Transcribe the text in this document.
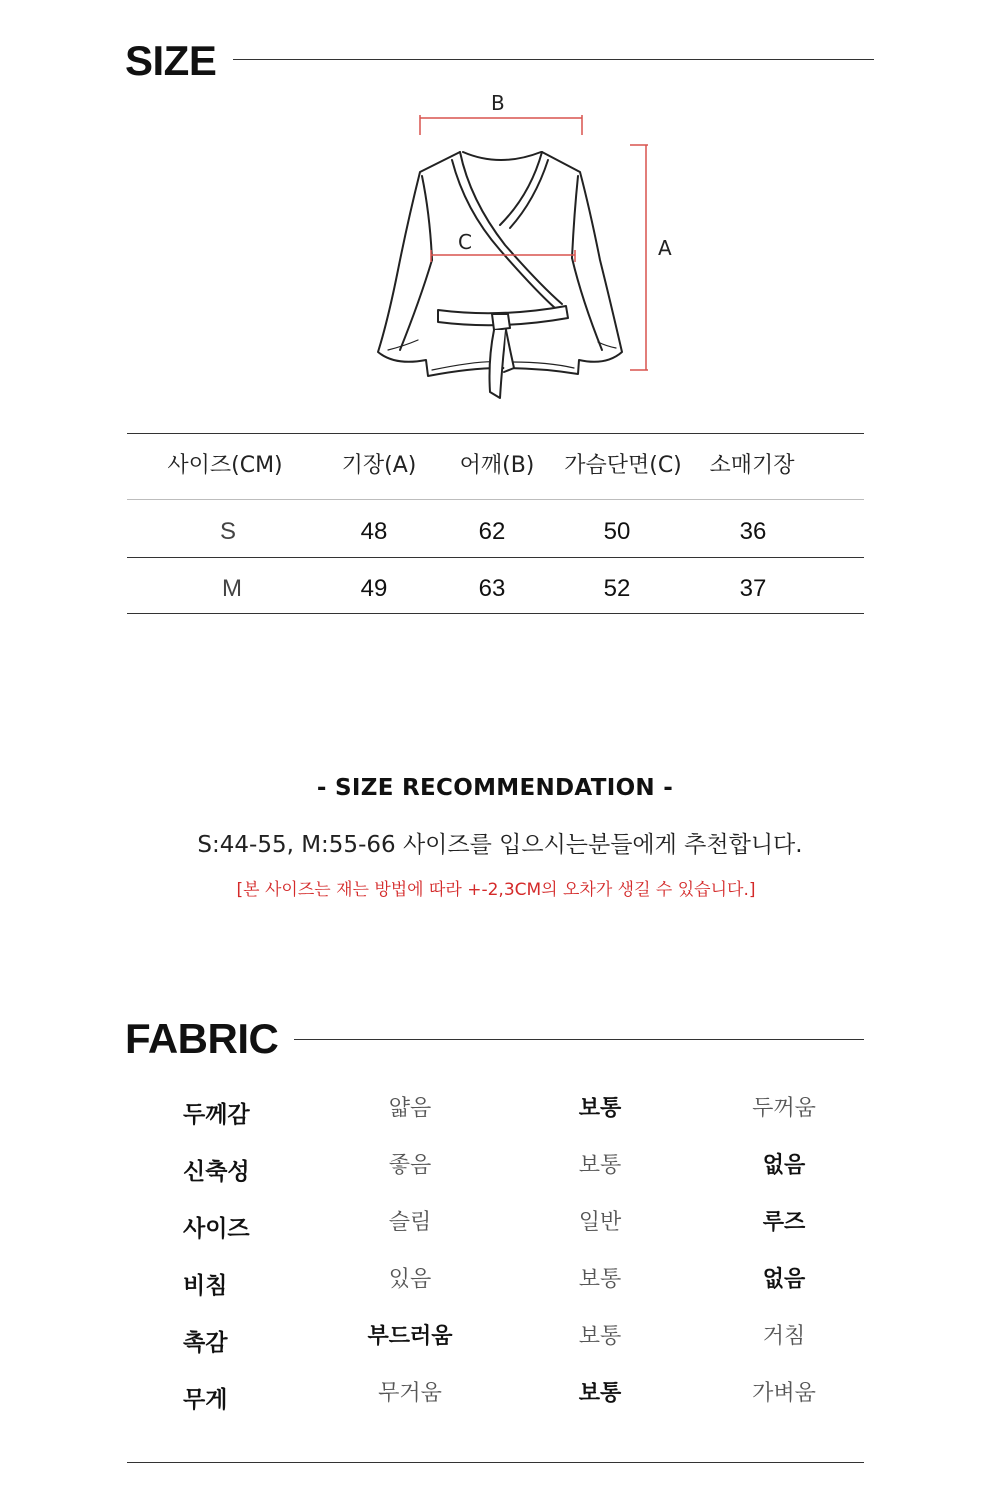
SIZE
B
A
C
사이즈(CM)	기장(A) 어깨(B) 가슴단면(C) 소매기장
S	48	62	50	36
M	49	63	52	37
- SIZE RECOMMENDATION -
S:44-55, M:55-66 사이즈를 입으시는분들에게 추천합니다.
[본 사이즈는 재는 방법에 따라 +-2,3CM의 오차가 생길 수 있습니다.]
FABRIC
두께감	얇음	보통	두꺼움
신축성	좋음	보통	없음
사이즈	슬림	일반	루즈
비침	있음	보통	없음
촉감	부드러움	보통	거침
무게	무거움	보통	가벼움
